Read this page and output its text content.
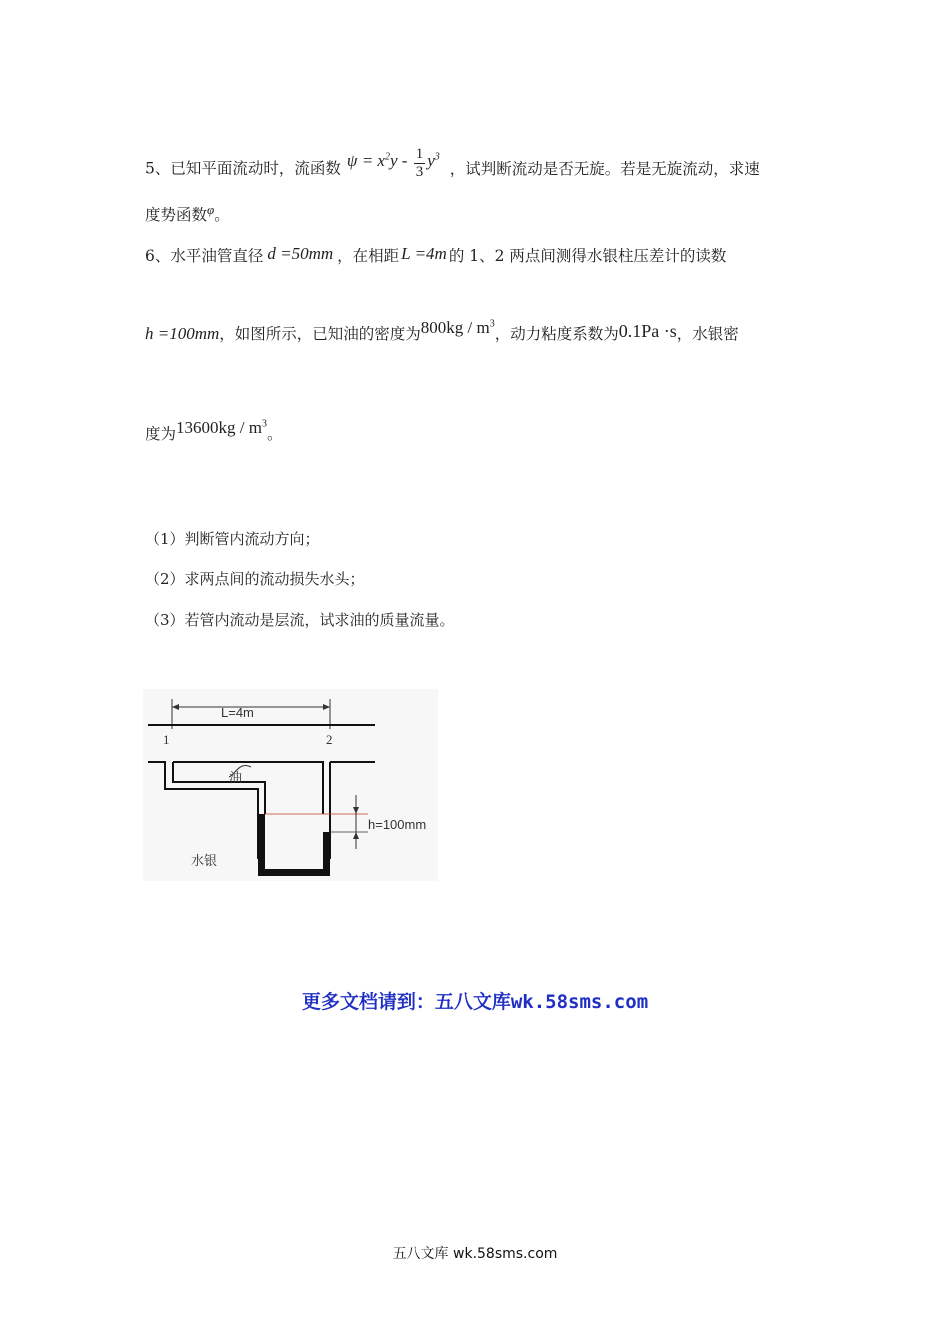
5、已知平面流动时，流函数 $\psi = x^2y - \frac{1}{3} y^3$，试判断流动是否无旋。若是无旋流动，求速
度势函数$^\varphi$。
6、水平油管直径 d =50mm ，在相距 L =4m 的 1、2 两点间测得水银柱压差计的读数
h =100mm，如图所示，已知油的密度为$800kg / m^3$，动力粘度系数为0.1Pa ·s，水银密
度为$13600kg / m^3$。
（1）判断管内流动方向；
（2）求两点间的流动损失水头；
（3）若管内流动是层流，试求油的质量流量。
L=4m
1	2
h=100mm
油
水银
更多文档请到：五八文库wk.58sms.com
五八文库 wk.58sms.com
